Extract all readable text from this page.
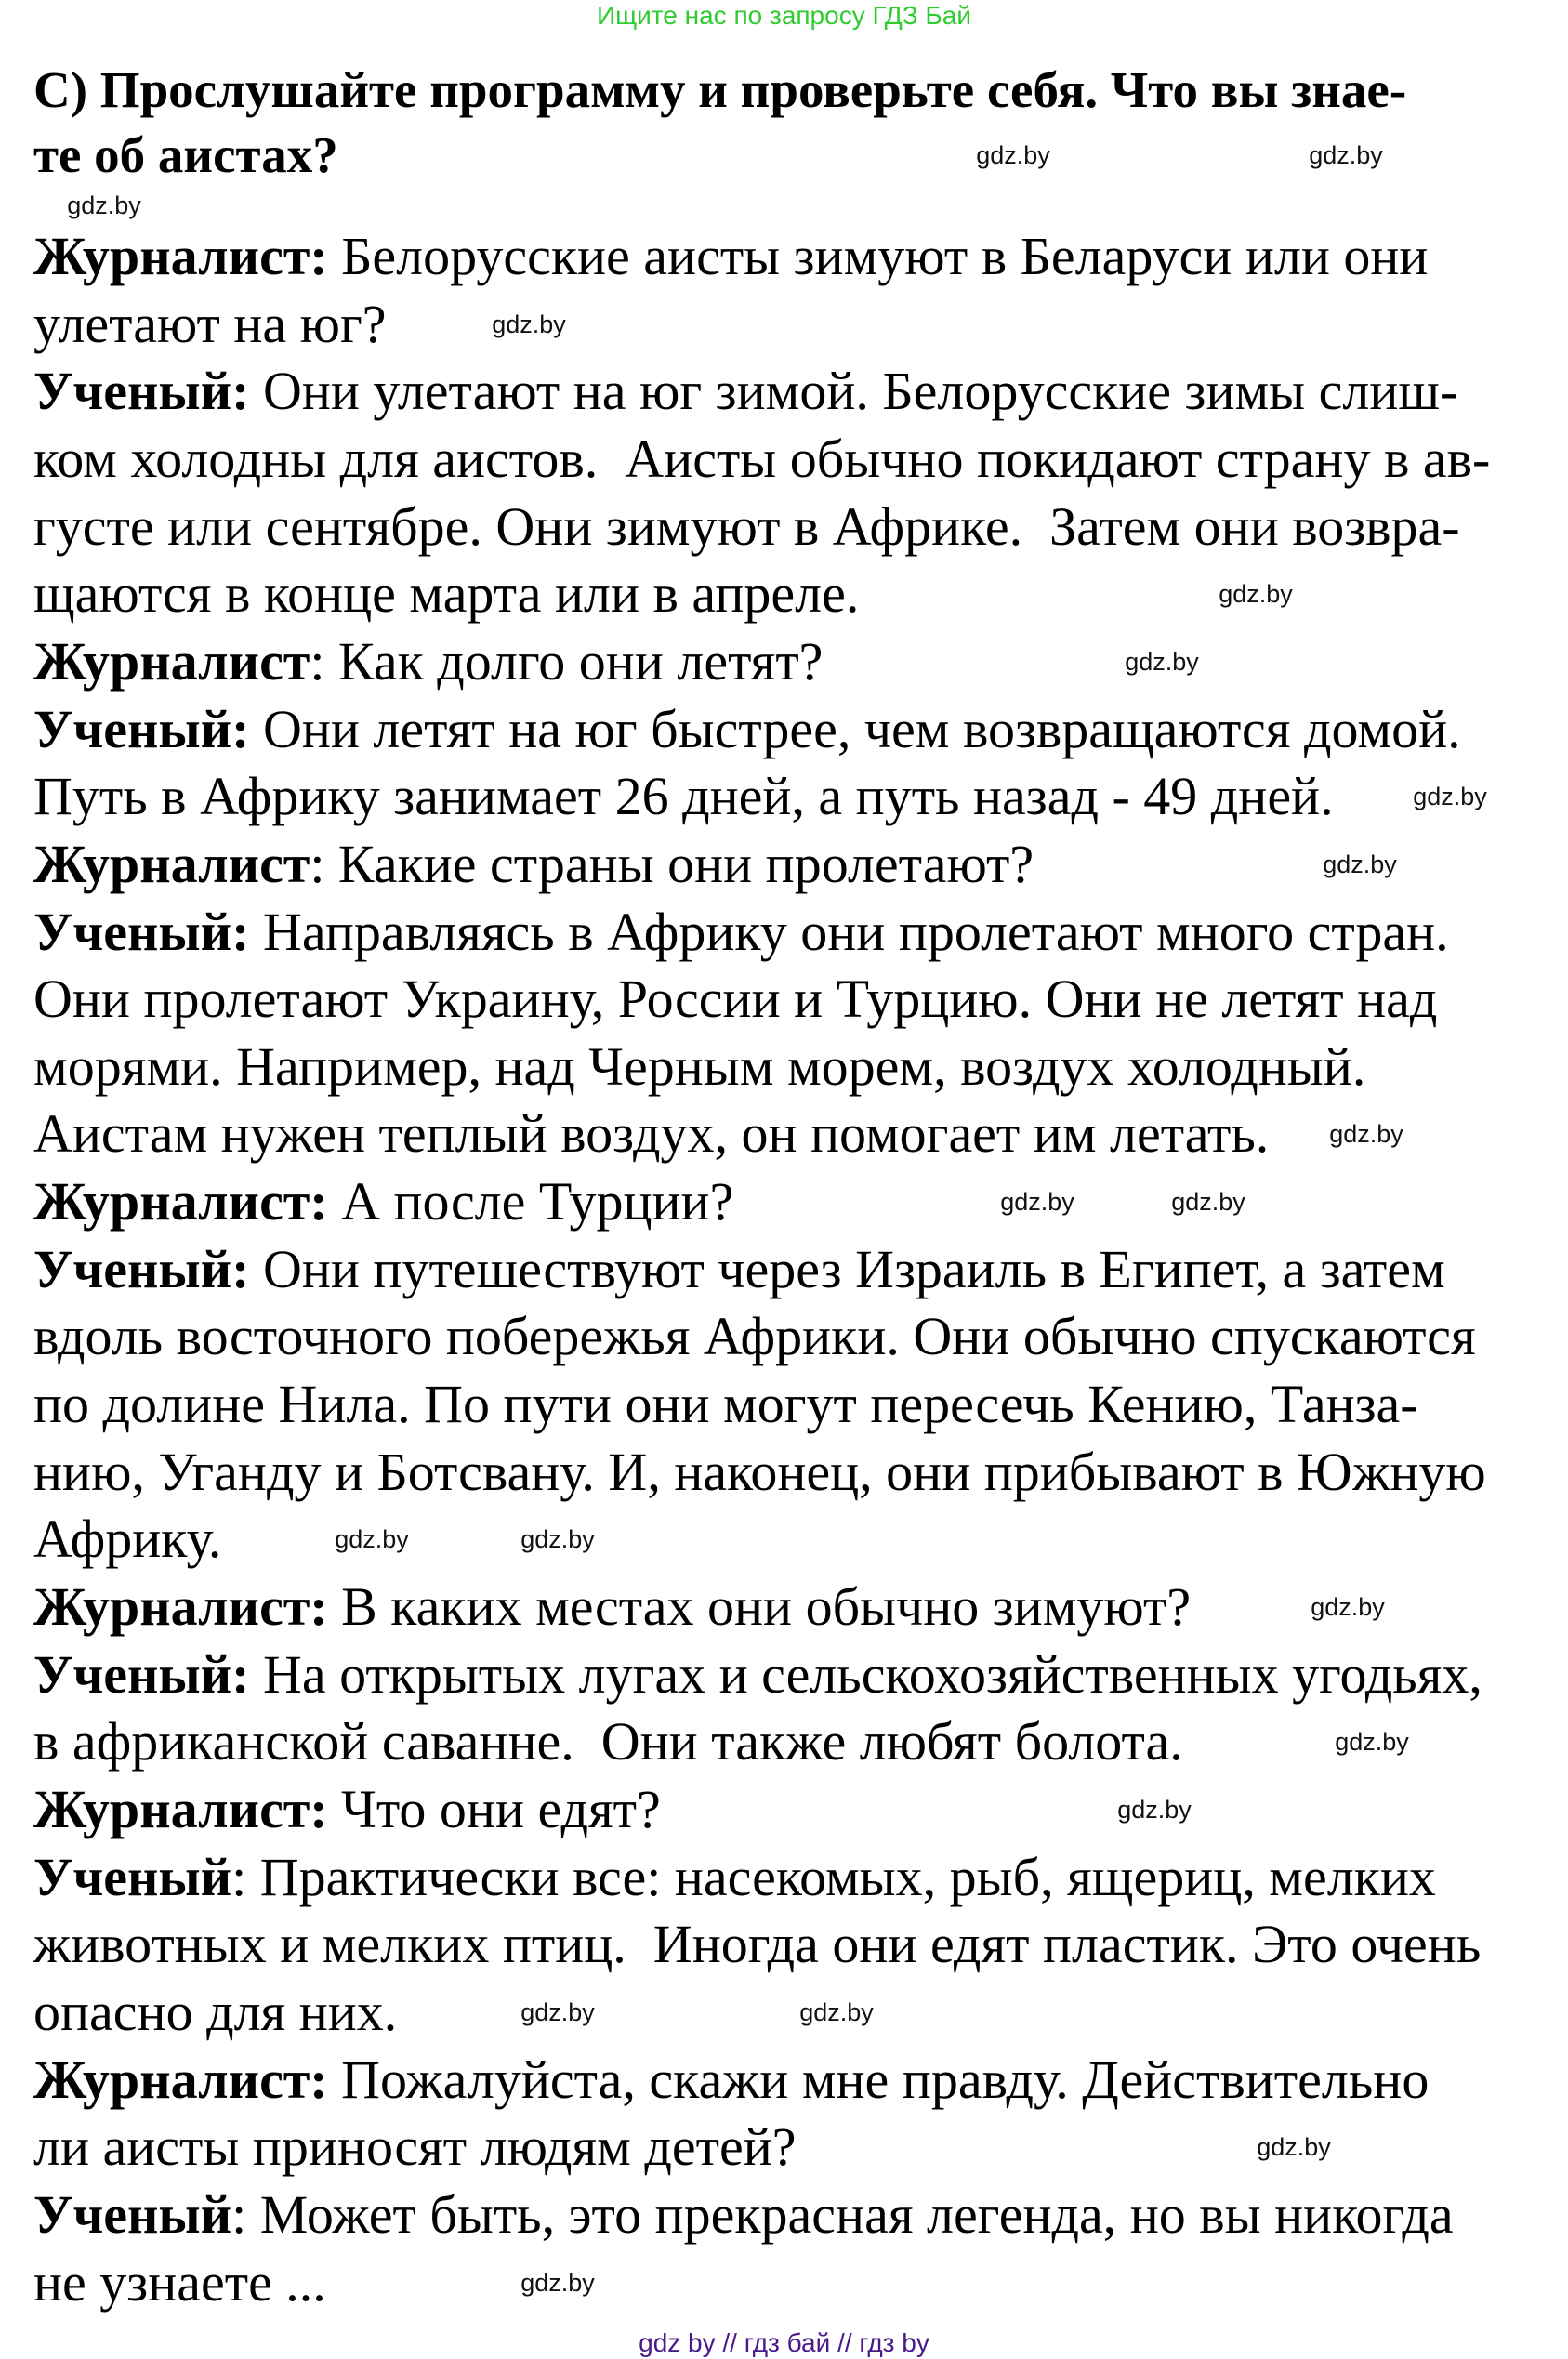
Ищите нас по запросу ГДЗ Бай
С) Прослушайте программу и проверьте себя. Что вы знае-
те об аистах?
Журналист: Белорусские аисты зимуют в Беларуси или они
улетают на юг?
Ученый: Они улетают на юг зимой. Белорусские зимы слиш-
ком холодны для аистов.  Аисты обычно покидают страну в ав-
густе или сентябре. Они зимуют в Африке.  Затем они возвра-
щаются в конце марта или в апреле.
Журналист: Как долго они летят?
Ученый: Они летят на юг быстрее, чем возвращаются домой.
Путь в Африку занимает 26 дней, а путь назад - 49 дней.
Журналист: Какие страны они пролетают?
Ученый: Направляясь в Африку они пролетают много стран.
Они пролетают Украину, России и Турцию. Они не летят над
морями. Например, над Черным морем, воздух холодный.
Аистам нужен теплый воздух, он помогает им летать.
Журналист: А после Турции?
Ученый: Они путешествуют через Израиль в Египет, а затем
вдоль восточного побережья Африки. Они обычно спускаются
по долине Нила. По пути они могут пересечь Кению, Танза-
нию, Уганду и Ботсвану. И, наконец, они прибывают в Южную
Африку.
Журналист: В каких местах они обычно зимуют?
Ученый: На открытых лугах и сельскохозяйственных угодьях,
в африканской саванне.  Они также любят болота.
Журналист: Что они едят?
Ученый: Практически все: насекомых, рыб, ящериц, мелких
животных и мелких птиц.  Иногда они едят пластик. Это очень
опасно для них.
Журналист: Пожалуйста, скажи мне правду. Действительно
ли аисты приносят людям детей?
Ученый: Может быть, это прекрасная легенда, но вы никогда
не узнаете ...
gdz.by
gdz.by
gdz.by
gdz.by
gdz.by
gdz.by
gdz.by
gdz.by
gdz.by
gdz.by	gdz.by
gdz.by	gdz.by
gdz.by
gdz.by
gdz.by
gdz.by	gdz.by
gdz.by
gdz.by
gdz by // гдз бай // гдз by
